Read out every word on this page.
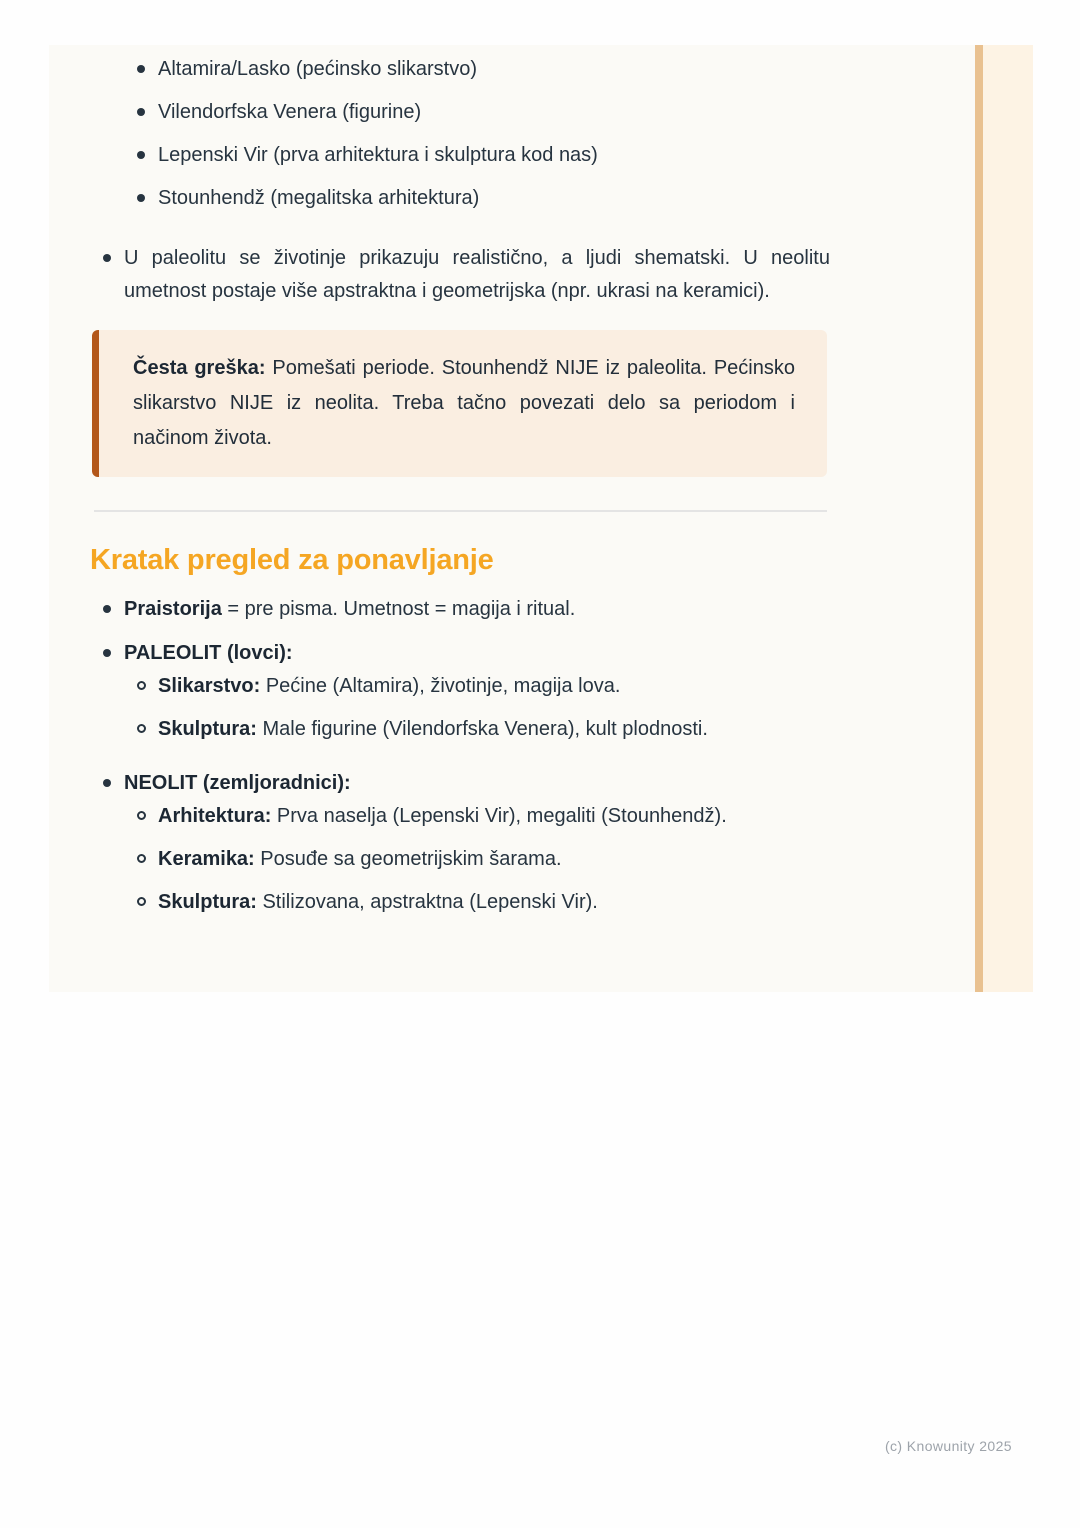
Altamira/Lasko (pećinsko slikarstvo)
Vilendorfska Venera (figurine)
Lepenski Vir (prva arhitektura i skulptura kod nas)
Stounhendž (megalitska arhitektura)
U paleolitu se životinje prikazuju realistično, a ljudi shematski. U neolitu umetnost postaje više apstraktna i geometrijska (npr. ukrasi na keramici).

Česta greška: Pomešati periode. Stounhendž NIJE iz paleolita. Pećinsko slikarstvo NIJE iz neolita. Treba tačno povezati delo sa periodom i načinom života.

Kratak pregled za ponavljanje
Praistorija = pre pisma. Umetnost = magija i ritual.
PALEOLIT (lovci):
Slikarstvo: Pećine (Altamira), životinje, magija lova.
Skulptura: Male figurine (Vilendorfska Venera), kult plodnosti.
NEOLIT (zemljoradnici):
Arhitektura: Prva naselja (Lepenski Vir), megaliti (Stounhendž).
Keramika: Posuđe sa geometrijskim šarama.
Skulptura: Stilizovana, apstraktna (Lepenski Vir).
(c) Knowunity 2025
